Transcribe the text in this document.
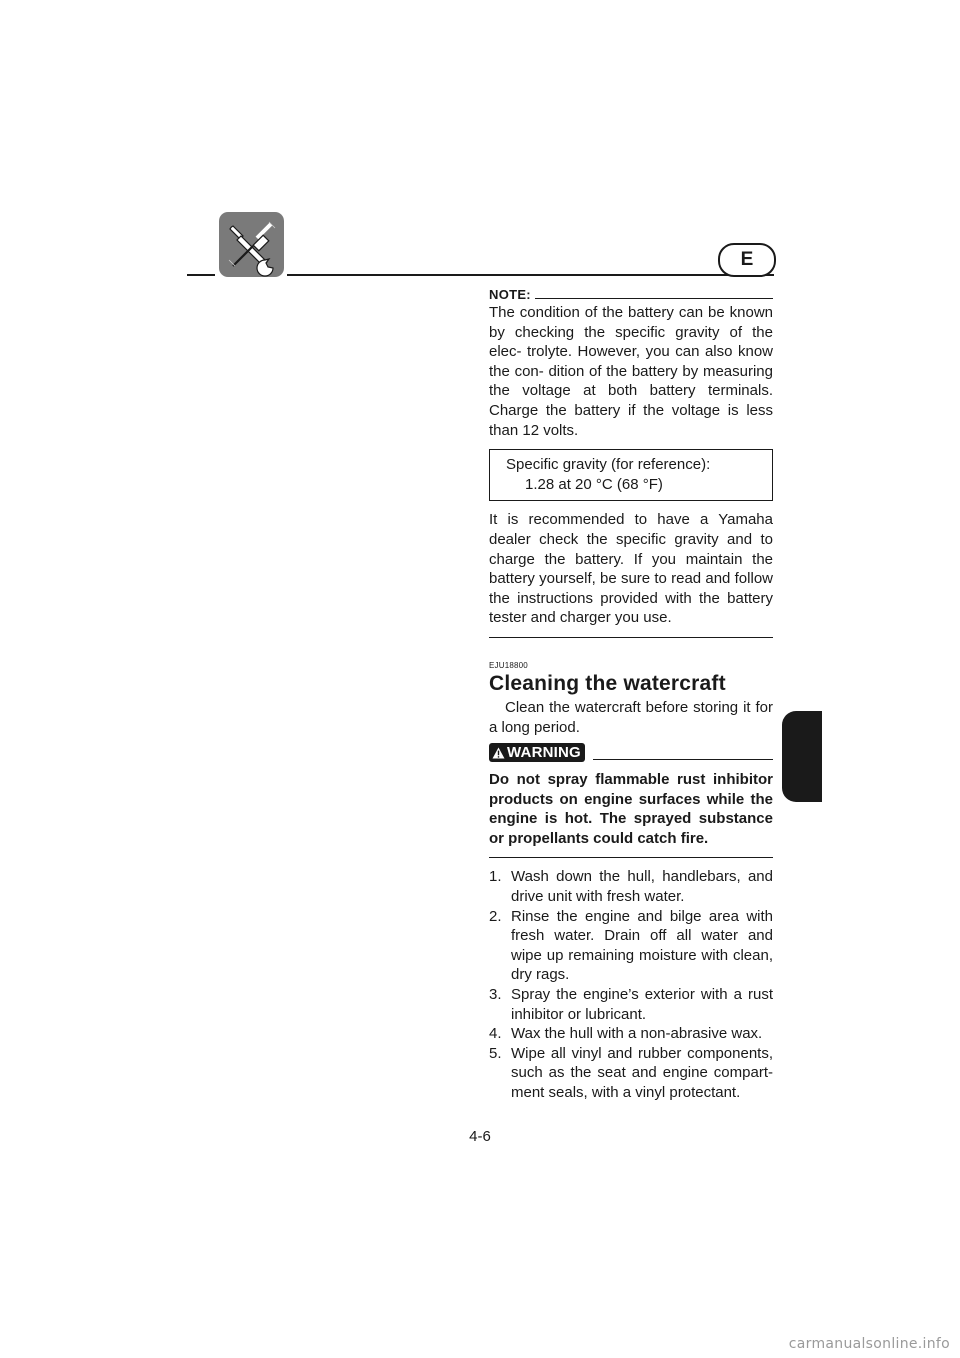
E
NOTE:

The condition of the battery can be known by checking the specific gravity of the elec- trolyte. However, you can also know the con- dition of the battery by measuring the voltage at both battery terminals. Charge the battery if the voltage is less than 12 volts.

Specific gravity (for reference):
1.28 at 20 °C (68 °F)

It is recommended to have a Yamaha dealer check the specific gravity and to charge the battery. If you maintain the battery yourself, be sure to read and follow the instructions provided with the battery tester and charger you use.

EJU18800
Cleaning the watercraft

Clean the watercraft before storing it for a long period.

WARNING

Do not spray flammable rust inhibitor products on engine surfaces while the engine is hot. The sprayed substance or propellants could catch fire.

1. Wash down the hull, handlebars, and drive unit with fresh water.
2. Rinse the engine and bilge area with fresh water. Drain off all water and wipe up remaining moisture with clean, dry rags.
3. Spray the engine’s exterior with a rust inhibitor or lubricant.
4. Wax the hull with a non-abrasive wax.
5. Wipe all vinyl and rubber components, such as the seat and engine compart- ment seals, with a vinyl protectant.
4-6
carmanualsonline.info
